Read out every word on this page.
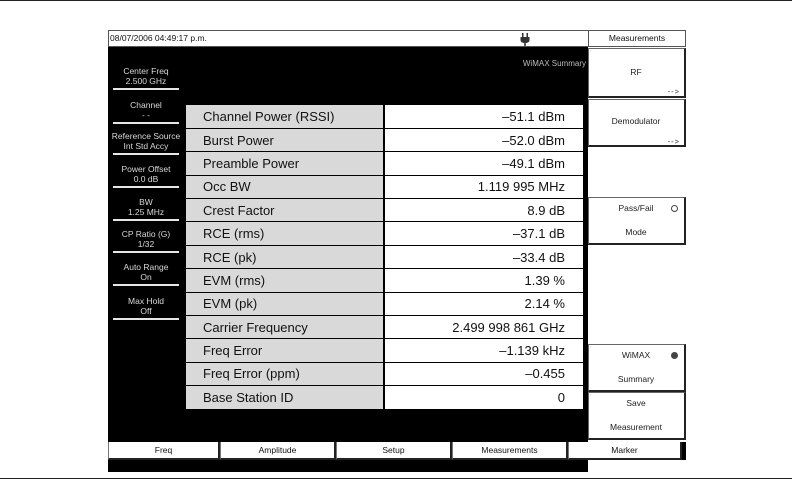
08/07/2006 04:49:17 p.m.
Center Freq
2.500 GHz
Channel
- -
Reference Source
Int Std Accy
Power Offset
0.0 dB
BW
1.25 MHz
CP Ratio (G)
1/32
Auto Range
On
Max Hold
Off
WiMAX Summary
Channel Power (RSSI)	–51.1 dBm
Burst Power	–52.0 dBm
Preamble Power	–49.1 dBm
Occ BW	1.119 995 MHz
Crest Factor	8.9 dB
RCE (rms)	–37.1 dB
RCE (pk)	–33.4 dB
EVM (rms)	1.39 %
EVM (pk)	2.14 %
Carrier Frequency	2.499 998 861 GHz
Freq Error	–1.139 kHz
Freq Error (ppm)	–0.455
Base Station ID	0
Measurements
RF
-->
Demodulator
-->
Pass/Fail
Mode
WiMAX
Summary
Save
Measurement
Freq	Amplitude	Setup	Measurements	Marker
